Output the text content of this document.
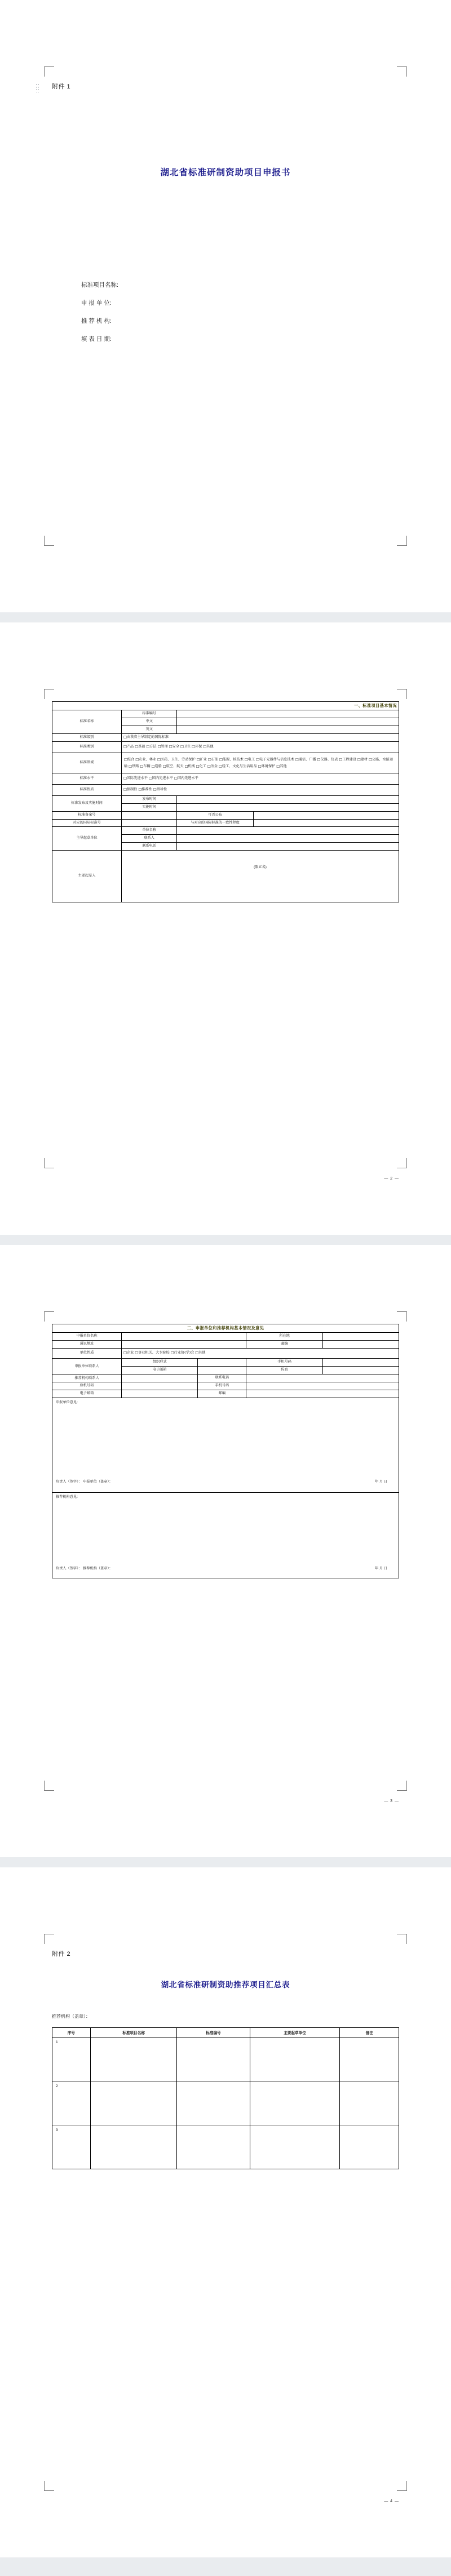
附件 1

湖北省标准研制资助项目申报书

标准项目名称:

申 报 单 位:

推 荐 机 构:

填 表 日 期:

一、标准项目基本情况			
标准名称	标准编号		
	中文		
	英文		
标准级别	□由我省主导制定的国际标准		
标准类别	□产品 □基础 □方法 □管理 □安全 □卫生 □环保 □其他		
标准领域	□综合 □农业、林业 □医药、卫生、劳动保护 □矿业 □石油 □能源、核技术 □电工 □电子元器件与信息技术 □通信、广播 □仪器、仪表 □工程建设 □建材 □公路、水路运输 □铁路 □车辆 □造船 □航空、航天 □机械 □化工 □冶金 □轻工、文化与生活用品 □环境保护 □其他		
标准水平	□国际先进水平 □国内先进水平 □国内先进水平		
标准性质	□强制性 □推荐性 □指导性		
标准发布及实施时间	发布时间		
	实施时间		
标准备案号		可否公布	
对应的国际标准号		与对应的国际标准的一致性程度	
主导起草单位	单位名称		
	联系人		
	联系电话		
主要起草人	(限五名)		
— 2 —
二、申报单位和推荐机构基本情况及意见				
申报单位名称			所在地	
通讯地址			邮编	
单位性质	□企业 □事业机关、大专院校 □行业协(学)会 □其他			
申报单位联系人	组织形式		手机号码	
	电子邮箱		传真	
推荐机构联系人		联系电话		
座机号码		手机号码		
电子邮箱		邮编		

申报单位意见:
负责人（签字）： 申报单位（盖章）： 年 月 日				

推荐机构意见:
负责人（签字）： 推荐机构（盖章）： 年 月 日				
— 3 —

附件 2

湖北省标准研制资助推荐项目汇总表

推荐机构（盖章）：

序号	标准项目名称	标准编号	主要起草单位	备注
1				
2				
3				
— 4 —
